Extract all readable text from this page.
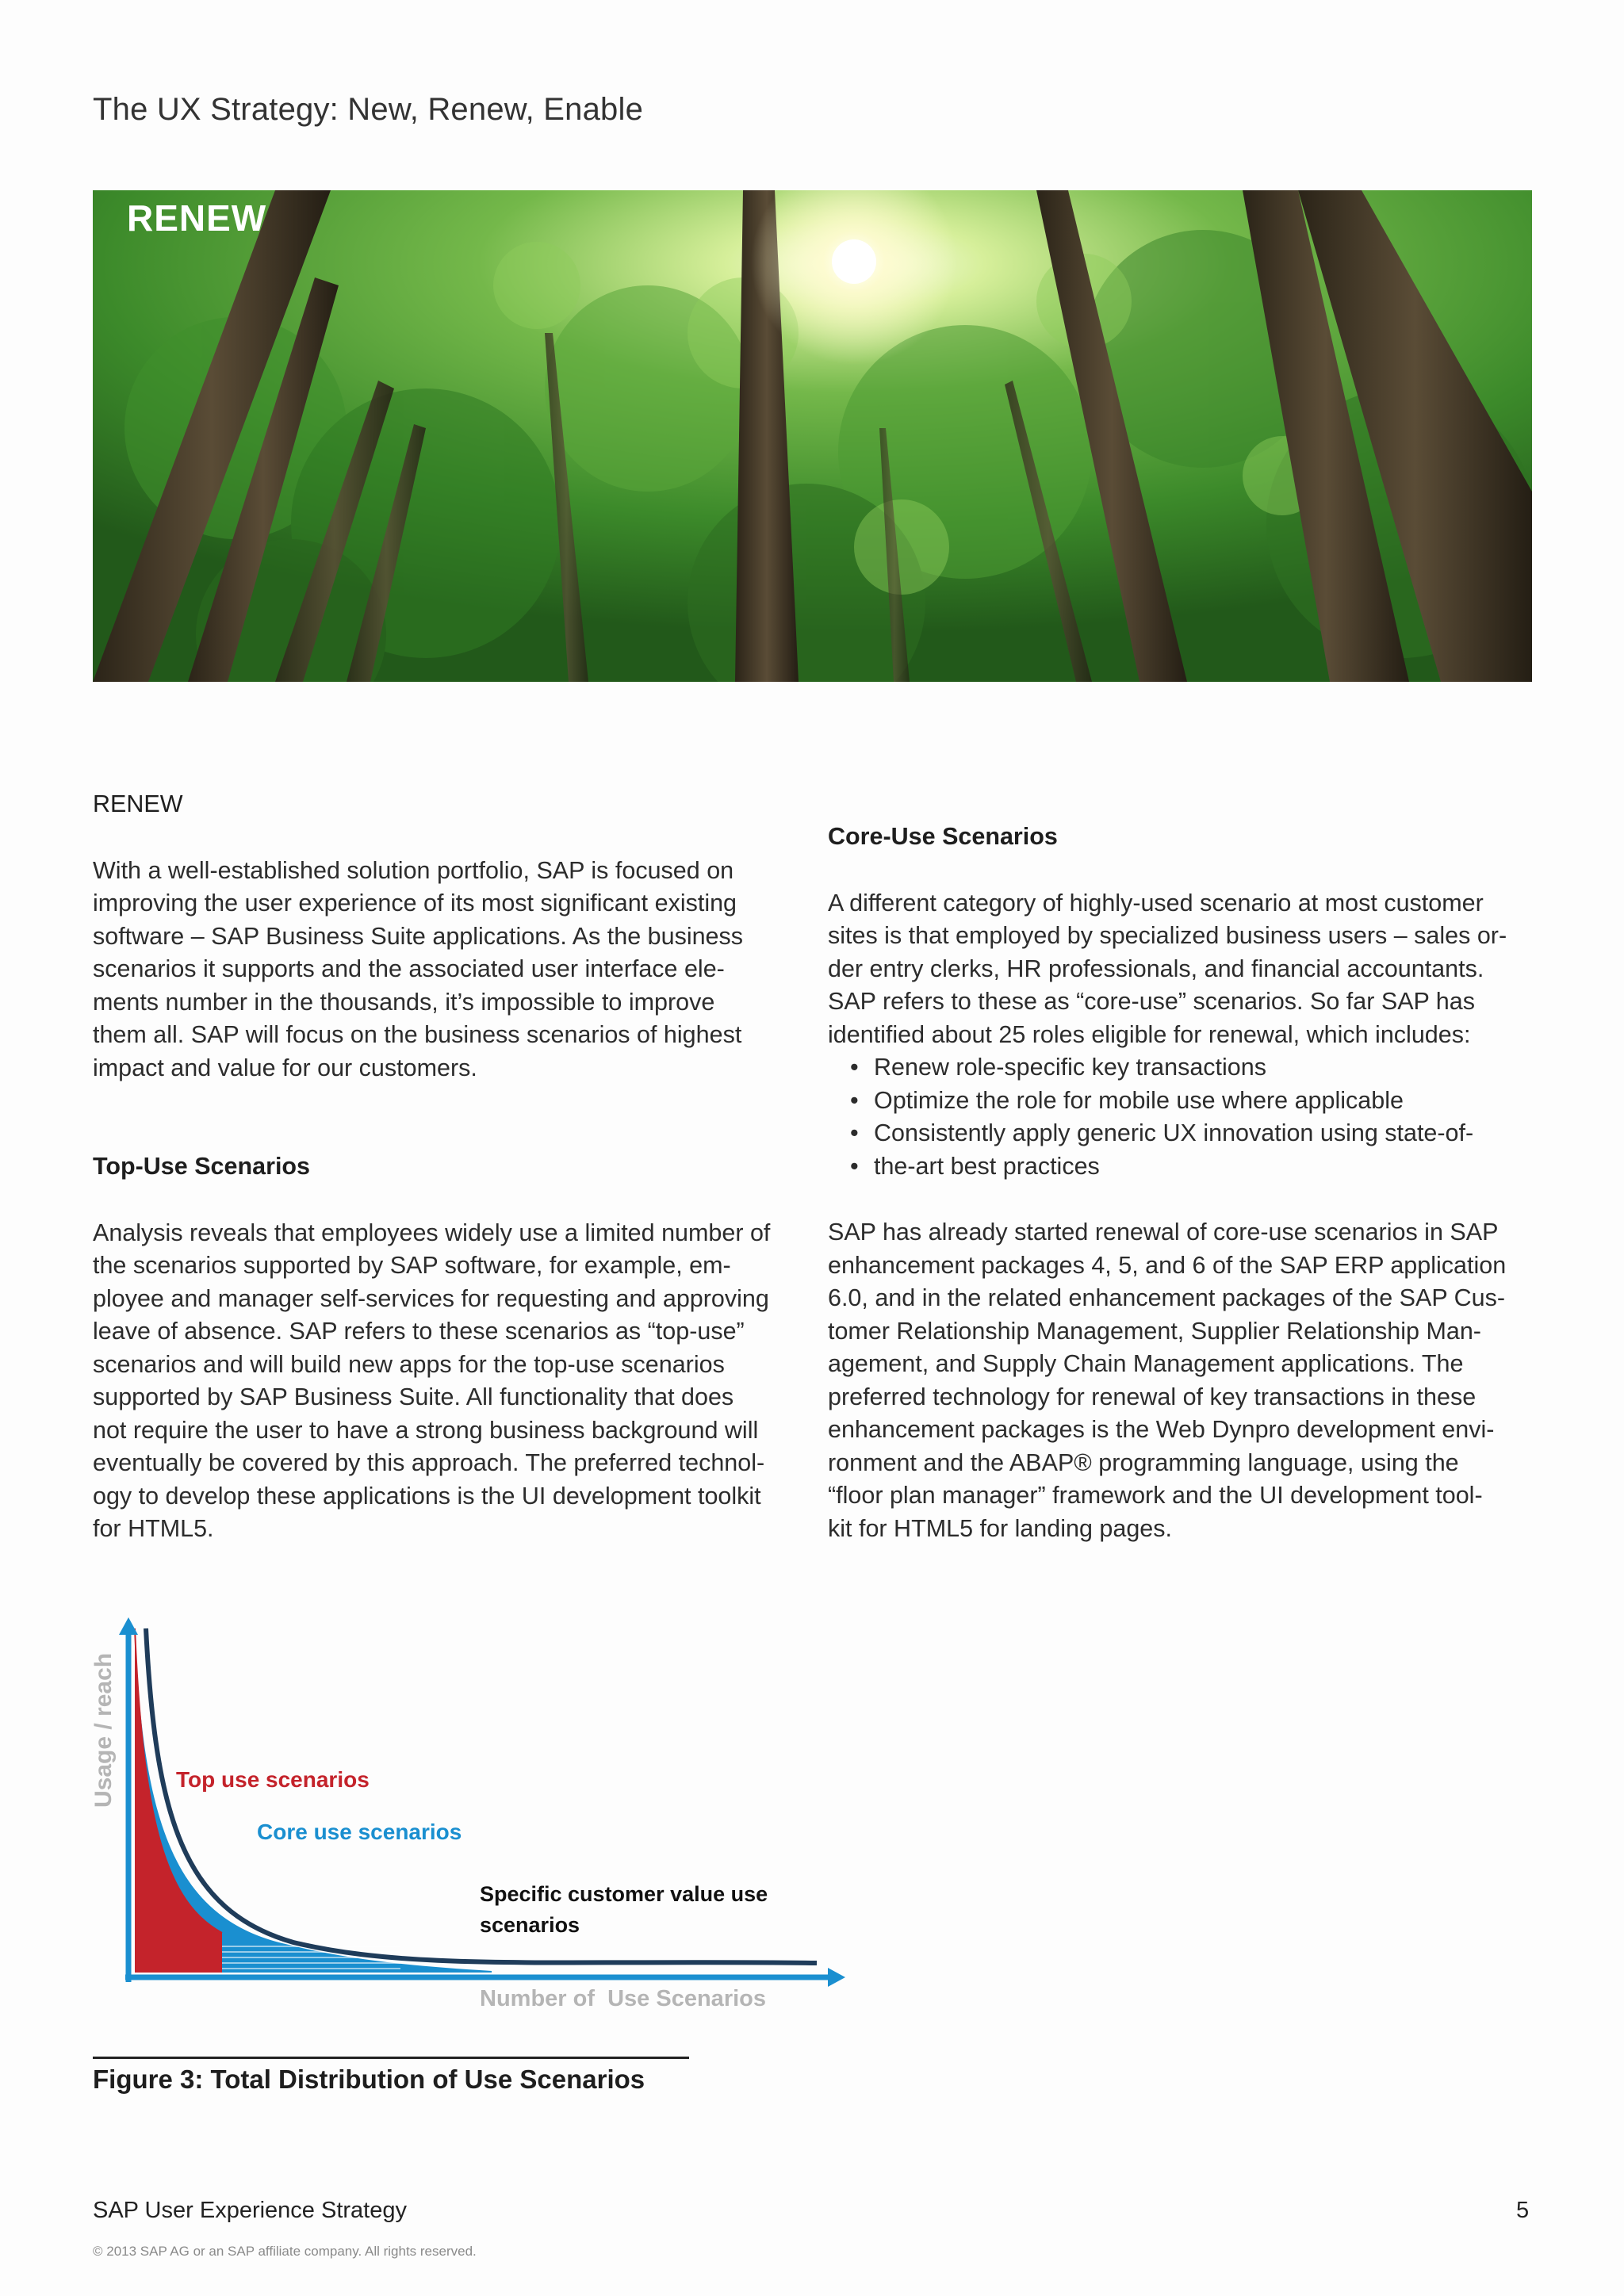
The UX Strategy: New, Renew, Enable
RENEW

RENEW

With a well-established solution portfolio, SAP is focused on

improving the user experience of its most significant existing

software – SAP Business Suite applications. As the business

scenarios it supports and the associated user interface ele-

ments number in the thousands, it’s impossible to improve

them all. SAP will focus on the business scenarios of highest

impact and value for our customers.

Top-Use Scenarios

Analysis reveals that employees widely use a limited number of

the scenarios supported by SAP software, for example, em-

ployee and manager self-services for requesting and approving

leave of absence. SAP refers to these scenarios as “top-use”

scenarios and will build new apps for the top-use scenarios

supported by SAP Business Suite. All functionality that does

not require the user to have a strong business background will

eventually be covered by this approach. The preferred technol-

ogy to develop these applications is the UI development toolkit

for HTML5.

Core-Use Scenarios

A different category of highly-used scenario at most customer

sites is that employed by specialized business users – sales or-

der entry clerks, HR professionals, and financial accountants.

SAP refers to these as “core-use” scenarios. So far SAP has

identified about 25 roles eligible for renewal, which includes:

• Renew role-specific key transactions
• Optimize the role for mobile use where applicable
• Consistently apply generic UX innovation using state-of-
• the-art best practices

SAP has already started renewal of core-use scenarios in SAP

enhancement packages 4, 5, and 6 of the SAP ERP application

6.0, and in the related enhancement packages of the SAP Cus-

tomer Relationship Management, Supplier Relationship Man-

agement, and Supply Chain Management applications. The

preferred technology for renewal of key transactions in these

enhancement packages is the Web Dynpro development envi-

ronment and the ABAP® programming language, using the

“floor plan manager” framework and the UI development tool-

kit for HTML5 for landing pages.

Usage / reach	Top use scenarios
Core use scenarios
Specific customer value use
scenarios
Number of  Use Scenarios
Figure 3: Total Distribution of Use Scenarios
SAP User Experience Strategy	5
© 2013 SAP AG or an SAP affiliate company. All rights reserved.
